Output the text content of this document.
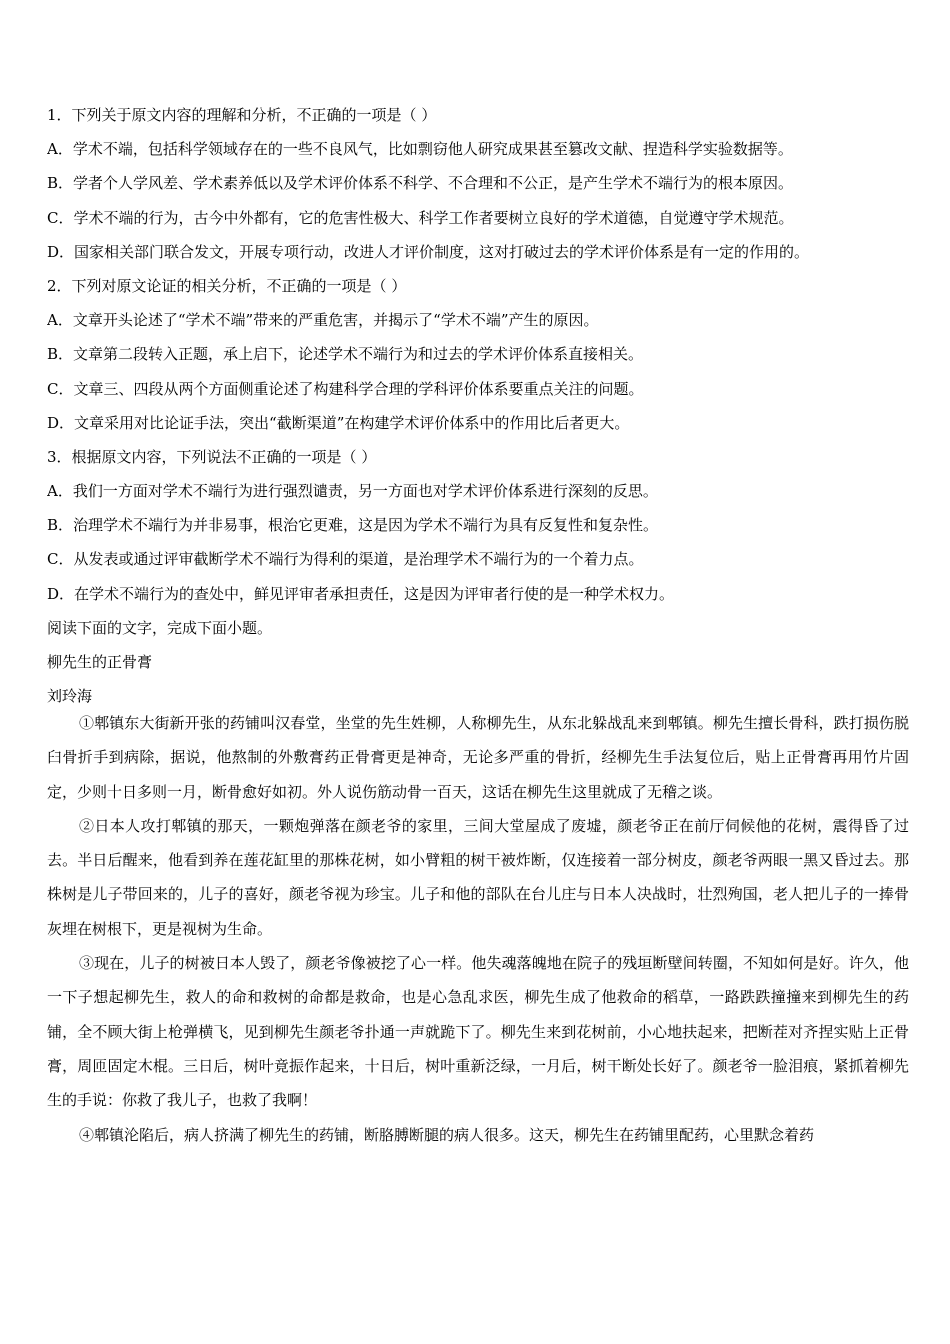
1．下列关于原文内容的理解和分析，不正确的一项是（ ）
A．学术不端，包括科学领域存在的一些不良风气，比如剽窃他人研究成果甚至篡改文献、捏造科学实验数据等。
B．学者个人学风差、学术素养低以及学术评价体系不科学、不合理和不公正，是产生学术不端行为的根本原因。
C．学术不端的行为，古今中外都有，它的危害性极大、科学工作者要树立良好的学术道德，自觉遵守学术规范。
D．国家相关部门联合发文，开展专项行动，改进人才评价制度，这对打破过去的学术评价体系是有一定的作用的。
2．下列对原文论证的相关分析，不正确的一项是（ ）
A．文章开头论述了“学术不端”带来的严重危害，并揭示了“学术不端”产生的原因。
B．文章第二段转入正题，承上启下，论述学术不端行为和过去的学术评价体系直接相关。
C．文章三、四段从两个方面侧重论述了构建科学合理的学科评价体系要重点关注的问题。
D．文章采用对比论证手法，突出“截断渠道”在构建学术评价体系中的作用比后者更大。
3．根据原文内容，下列说法不正确的一项是（ ）
A．我们一方面对学术不端行为进行强烈谴责，另一方面也对学术评价体系进行深刻的反思。
B．治理学术不端行为并非易事，根治它更难，这是因为学术不端行为具有反复性和复杂性。
C．从发表或通过评审截断学术不端行为得利的渠道，是治理学术不端行为的一个着力点。
D．在学术不端行为的查处中，鲜见评审者承担责任，这是因为评审者行使的是一种学术权力。
阅读下面的文字，完成下面小题。
柳先生的正骨膏
刘玲海

①郫镇东大街新开张的药铺叫汉春堂，坐堂的先生姓柳，人称柳先生，从东北躲战乱来到郫镇。柳先生擅长骨科，跌打损伤脱臼骨折手到病除，据说，他熬制的外敷膏药正骨膏更是神奇，无论多严重的骨折，经柳先生手法复位后，贴上正骨膏再用竹片固定，少则十日多则一月，断骨愈好如初。外人说伤筋动骨一百天，这话在柳先生这里就成了无稽之谈。

②日本人攻打郫镇的那天，一颗炮弹落在颜老爷的家里，三间大堂屋成了废墟，颜老爷正在前厅伺候他的花树，震得昏了过去。半日后醒来，他看到养在莲花缸里的那株花树，如小臂粗的树干被炸断，仅连接着一部分树皮，颜老爷两眼一黑又昏过去。那株树是儿子带回来的，儿子的喜好，颜老爷视为珍宝。儿子和他的部队在台儿庄与日本人决战时，壮烈殉国，老人把儿子的一捧骨灰埋在树根下，更是视树为生命。

③现在，儿子的树被日本人毁了，颜老爷像被挖了心一样。他失魂落魄地在院子的残垣断壁间转圈，不知如何是好。许久，他一下子想起柳先生，救人的命和救树的命都是救命，也是心急乱求医，柳先生成了他救命的稻草，一路跌跌撞撞来到柳先生的药铺，全不顾大街上枪弹横飞，见到柳先生颜老爷扑通一声就跪下了。柳先生来到花树前，小心地扶起来，把断茬对齐捏实贴上正骨膏，周匝固定木棍。三日后，树叶竟振作起来，十日后，树叶重新泛绿，一月后，树干断处长好了。颜老爷一脸泪痕，紧抓着柳先生的手说：你救了我儿子，也救了我啊！

④郫镇沦陷后，病人挤满了柳先生的药铺，断胳膊断腿的病人很多。这天，柳先生在药铺里配药，心里默念着药
